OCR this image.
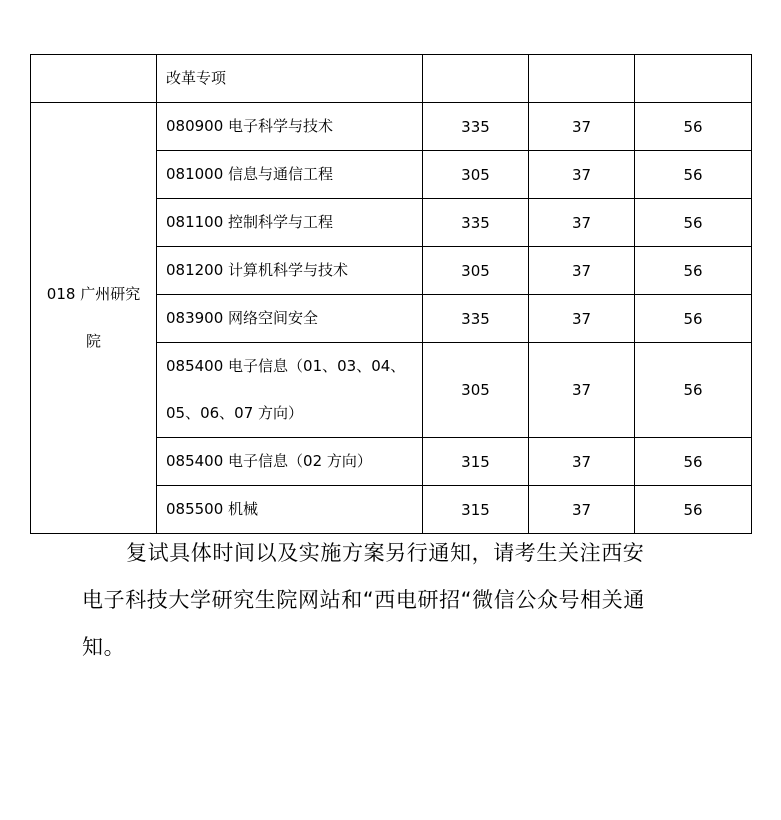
	改革专项			

018 广州研究
院	080900 电子科学与技术	335	37	56
	081000 信息与通信工程	305	37	56
	081100 控制科学与工程	335	37	56
	081200 计算机科学与技术	305	37	56
	083900 网络空间安全	335	37	56

	085400 电子信息（01、03、04、
05、06、07 方向）	305	37	56
	085400 电子信息（02 方向）	315	37	56
	085500 机械	315	37	56
复试具体时间以及实施方案另行通知，请考生关注西安
电子科技大学研究生院网站和“西电研招“微信公众号相关通
知。
